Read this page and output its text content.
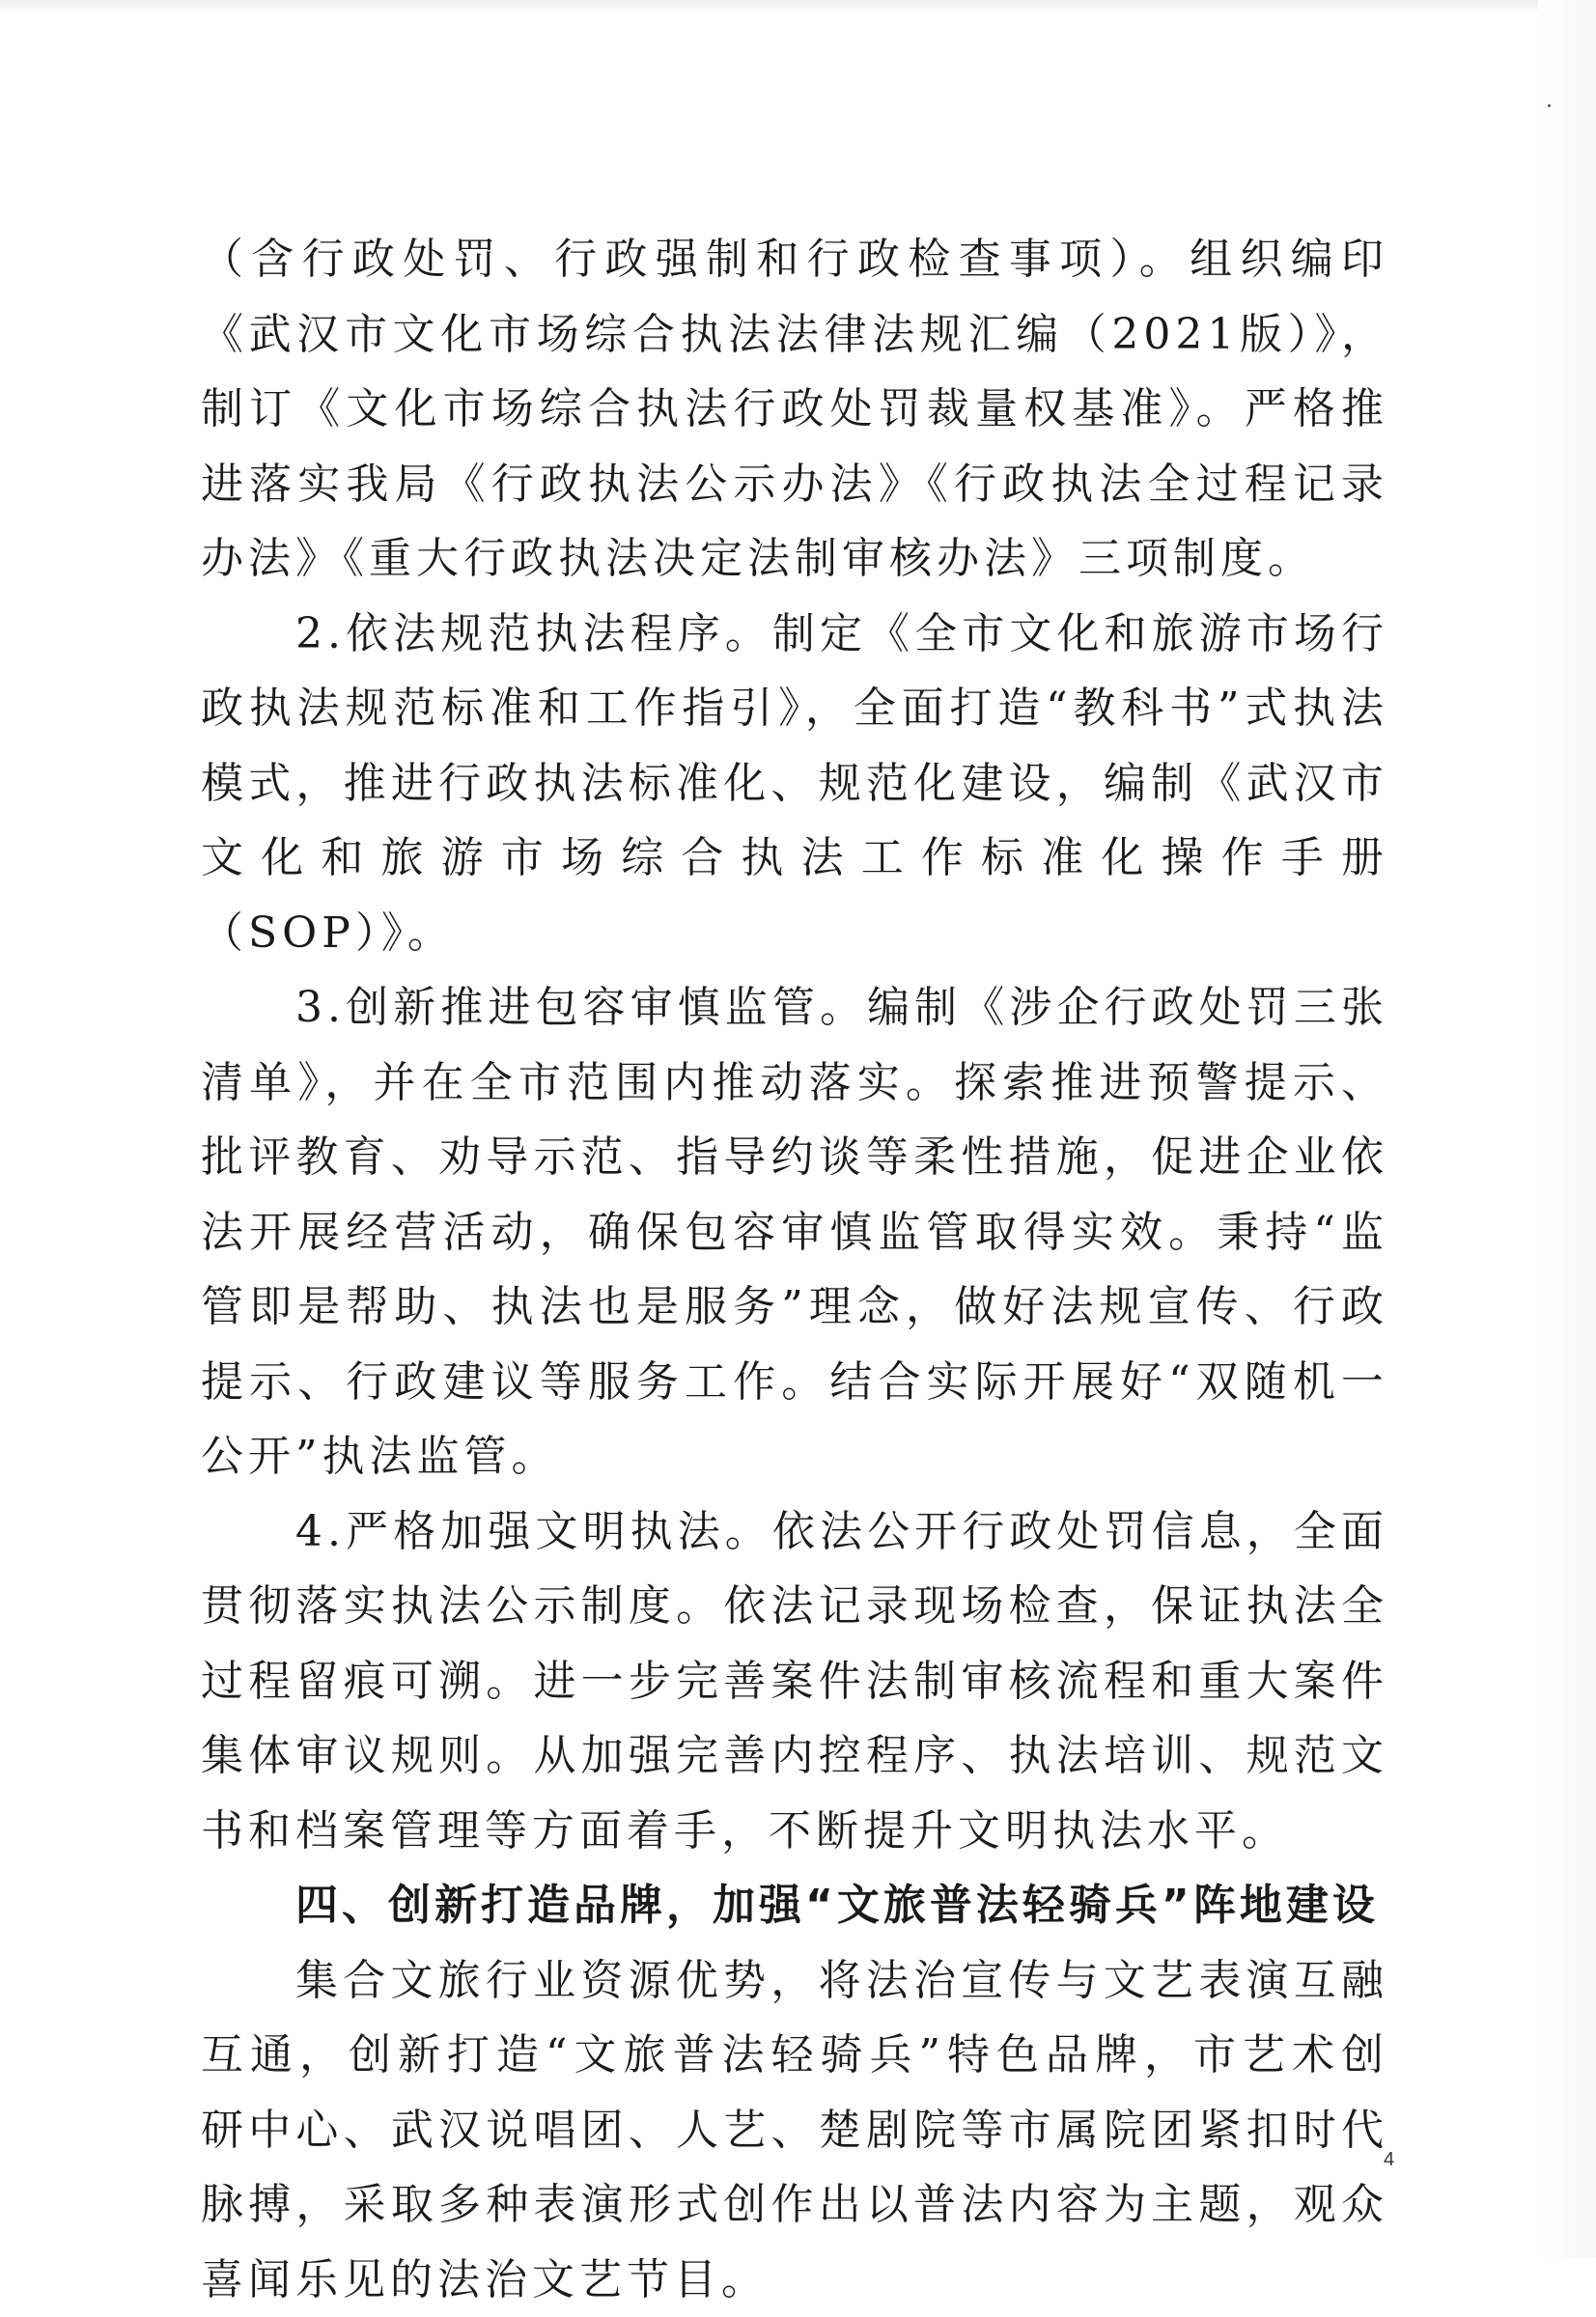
（含行政处罚、行政强制和行政检查事项）。组织编印《武汉市文化市场综合执法法律法规汇编（2021版）》，制订《文化市场综合执法行政处罚裁量权基准》。严格推进落实我局《行政执法公示办法》《行政执法全过程记录办法》《重大行政执法决定法制审核办法》三项制度。

2.依法规范执法程序。制定《全市文化和旅游市场行政执法规范标准和工作指引》，全面打造“教科书”式执法模式，推进行政执法标准化、规范化建设，编制《武汉市文化和旅游市场综合执法工作标准化操作手册（SOP）》。

3.创新推进包容审慎监管。编制《涉企行政处罚三张清单》，并在全市范围内推动落实。探索推进预警提示、批评教育、劝导示范、指导约谈等柔性措施，促进企业依法开展经营活动，确保包容审慎监管取得实效。秉持“监管即是帮助、执法也是服务”理念，做好法规宣传、行政提示、行政建议等服务工作。结合实际开展好“双随机一公开”执法监管。

4.严格加强文明执法。依法公开行政处罚信息，全面贯彻落实执法公示制度。依法记录现场检查，保证执法全过程留痕可溯。进一步完善案件法制审核流程和重大案件集体审议规则。从加强完善内控程序、执法培训、规范文书和档案管理等方面着手，不断提升文明执法水平。

四、创新打造品牌，加强“文旅普法轻骑兵”阵地建设

集合文旅行业资源优势，将法治宣传与文艺表演互融互通，创新打造“文旅普法轻骑兵”特色品牌，市艺术创研中心、武汉说唱团、人艺、楚剧院等市属院团紧扣时代脉搏，采取多种表演形式创作出以普法内容为主题，观众喜闻乐见的法治文艺节目。

4
